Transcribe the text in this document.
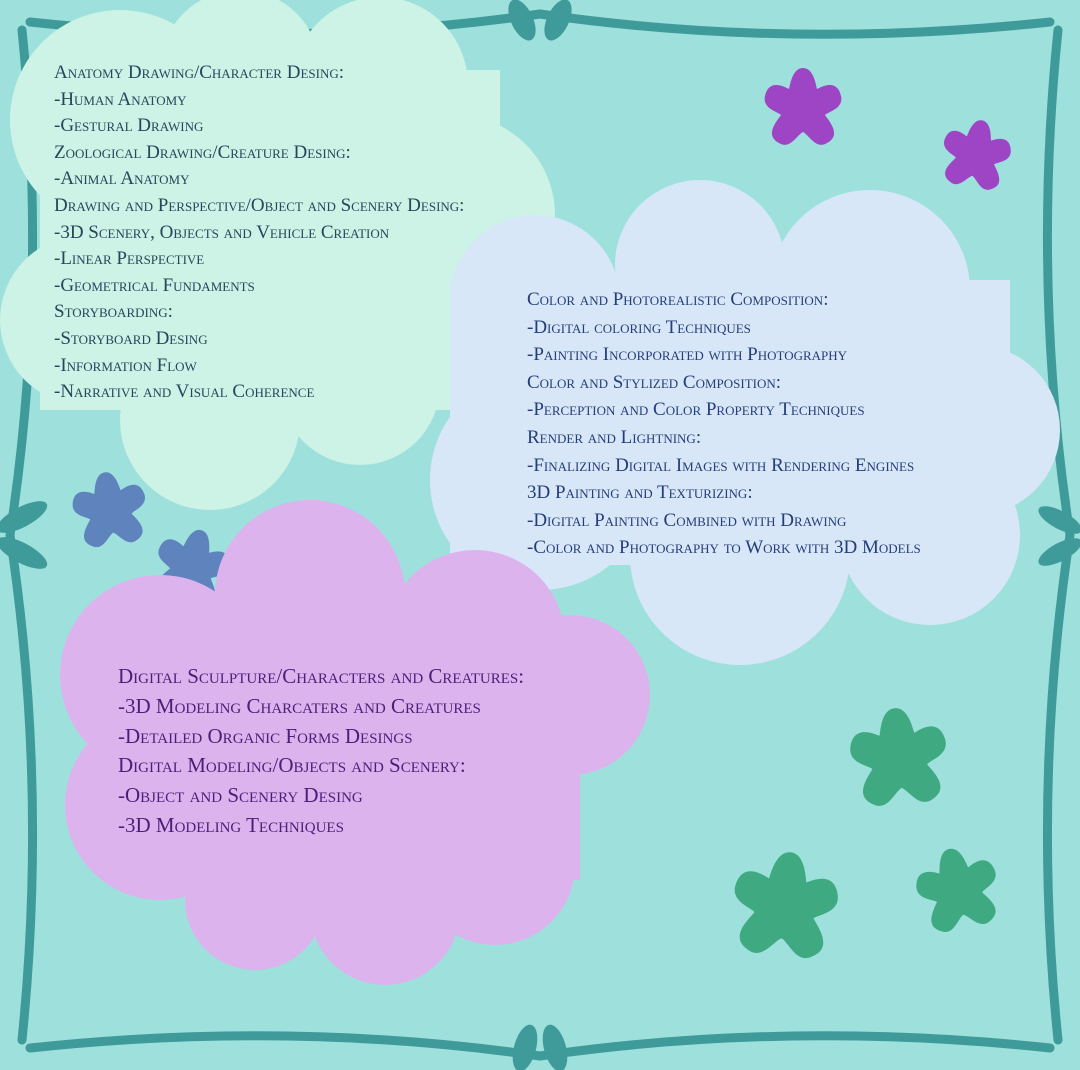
Anatomy Drawing/Character Desing:
-Human Anatomy
-Gestural Drawing
Zoological Drawing/Creature Desing:
-Animal Anatomy
Drawing and Perspective/Object and Scenery Desing:
-3D Scenery, Objects and Vehicle Creation
-Linear Perspective
-Geometrical Fundaments
Storyboarding:
-Storyboard Desing
-Information Flow
-Narrative and Visual Coherence
Color and Photorealistic Composition:
-Digital coloring Techniques
-Painting Incorporated with Photography
Color and Stylized Composition:
-Perception and Color Property Techniques
Render and Lightning:
-Finalizing Digital Images with Rendering Engines
3D Painting and Texturizing:
-Digital Painting Combined with Drawing
-Color and Photography to Work with 3D Models
Digital Sculpture/Characters and Creatures:
-3D Modeling Charcaters and Creatures
-Detailed Organic Forms Desings
Digital Modeling/Objects and Scenery:
-Object and Scenery Desing
-3D Modeling Techniques
